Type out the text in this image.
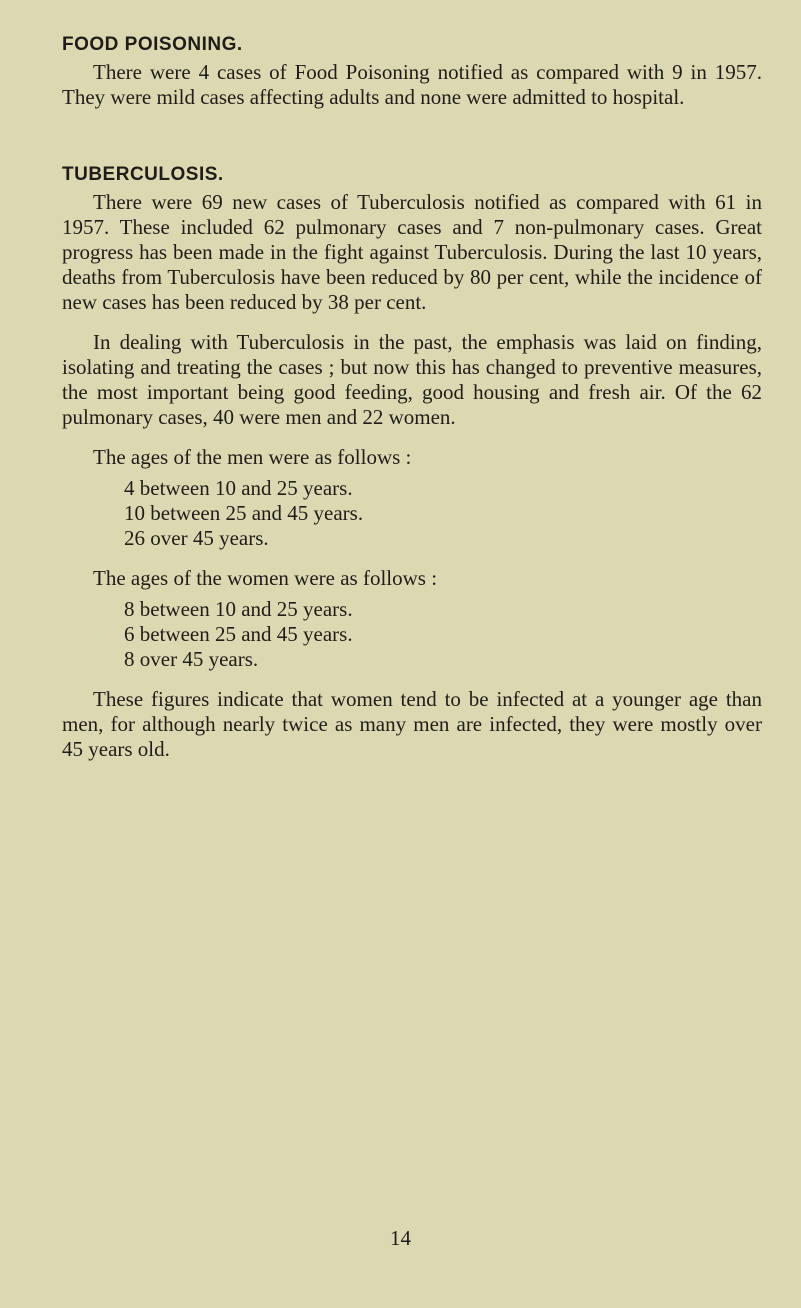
FOOD POISONING.

There were 4 cases of Food Poisoning notified as compared with 9 in 1957. They were mild cases affecting adults and none were admitted to hospital.

TUBERCULOSIS.

There were 69 new cases of Tuberculosis notified as compared with 61 in 1957. These included 62 pulmonary cases and 7 non-pulmonary cases. Great progress has been made in the fight against Tuberculosis. During the last 10 years, deaths from Tuberculosis have been reduced by 80 per cent, while the incidence of new cases has been reduced by 38 per cent.

In dealing with Tuberculosis in the past, the emphasis was laid on finding, isolating and treating the cases ; but now this has changed to preventive measures, the most important being good feeding, good housing and fresh air. Of the 62 pulmonary cases, 40 were men and 22 women.

The ages of the men were as follows :
4 between 10 and 25 years.
10 between 25 and 45 years.
26 over 45 years.
The ages of the women were as follows :
8 between 10 and 25 years.
6 between 25 and 45 years.
8 over 45 years.

These figures indicate that women tend to be infected at a younger age than men, for although nearly twice as many men are infected, they were mostly over 45 years old.

14
